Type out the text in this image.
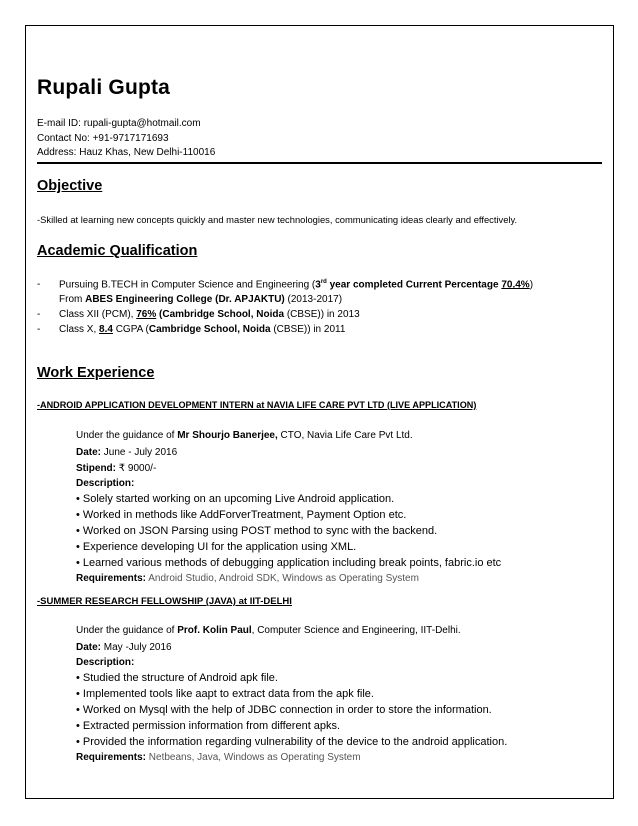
Rupali Gupta
E-mail ID: rupali-gupta@hotmail.com
Contact No: +91-9717171693
Address: Hauz Khas, New Delhi-110016
Objective
-Skilled at learning new concepts quickly and master new technologies, communicating ideas clearly and effectively.
Academic Qualification
- Pursuing B.TECH in Computer Science and Engineering (3rd year completed Current Percentage 70.4%)
From ABES Engineering College (Dr. APJAKTU) (2013-2017)
- Class XII (PCM), 76% (Cambridge School, Noida (CBSE)) in 2013
- Class X, 8.4 CGPA (Cambridge School, Noida (CBSE)) in 2011
Work Experience
-ANDROID APPLICATION DEVELOPMENT INTERN at NAVIA LIFE CARE PVT LTD (LIVE APPLICATION)
Under the guidance of Mr Shourjo Banerjee, CTO, Navia Life Care Pvt Ltd.
Date: June - July 2016
Stipend: ₹ 9000/-
Description:
• Solely started working on an upcoming Live Android application.
• Worked in methods like AddForverTreatment, Payment Option etc.
• Worked on JSON Parsing using POST method to sync with the backend.
• Experience developing UI for the application using XML.
• Learned various methods of debugging application including break points, fabric.io etc
Requirements: Android Studio, Android SDK, Windows as Operating System
-SUMMER RESEARCH FELLOWSHIP (JAVA) at IIT-DELHI
Under the guidance of Prof. Kolin Paul, Computer Science and Engineering, IIT-Delhi.
Date: May -July 2016
Description:
• Studied the structure of Android apk file.
• Implemented tools like aapt to extract data from the apk file.
• Worked on Mysql with the help of JDBC connection in order to store the information.
• Extracted permission information from different apks.
• Provided the information regarding vulnerability of the device to the android application.
Requirements: Netbeans, Java, Windows as Operating System
